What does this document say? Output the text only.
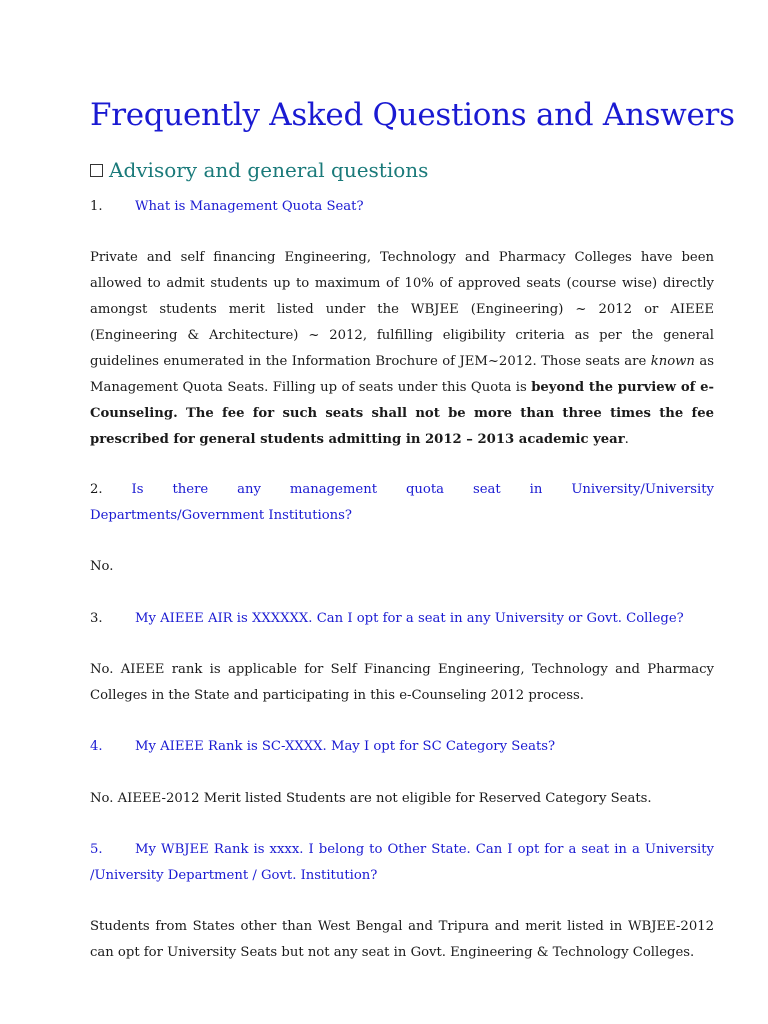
Frequently Asked Questions and Answers
Advisory and general questions
1. What is Management Quota Seat?
Private and self financing Engineering, Technology and Pharmacy Colleges have been allowed to admit students up to maximum of 10% of approved seats (course wise) directly amongst students merit listed under the WBJEE (Engineering) ~ 2012 or AIEEE (Engineering & Architecture) ~ 2012, fulfilling eligibility criteria as per the general guidelines enumerated in the Information Brochure of JEM~2012. Those seats are known as Management Quota Seats. Filling up of seats under this Quota is beyond the purview of e-Counseling. The fee for such seats shall not be more than three times the fee prescribed for general students admitting in 2012 – 2013 academic year.
2. Is there any management quota seat in University/University
Departments/Government Institutions?
No.
3. My AIEEE AIR is XXXXXX. Can I opt for a seat in any University or Govt. College?
No. AIEEE rank is applicable for Self Financing Engineering, Technology and Pharmacy Colleges in the State and participating in this e-Counseling 2012 process.
4. My AIEEE Rank is SC-XXXX. May I opt for SC Category Seats?
No. AIEEE-2012 Merit listed Students are not eligible for Reserved Category Seats.
5. My WBJEE Rank is xxxx. I belong to Other State. Can I opt for a seat in a University /University Department / Govt. Institution?
Students from States other than West Bengal and Tripura and merit listed in WBJEE-2012 can opt for University Seats but not any seat in Govt. Engineering & Technology Colleges.
